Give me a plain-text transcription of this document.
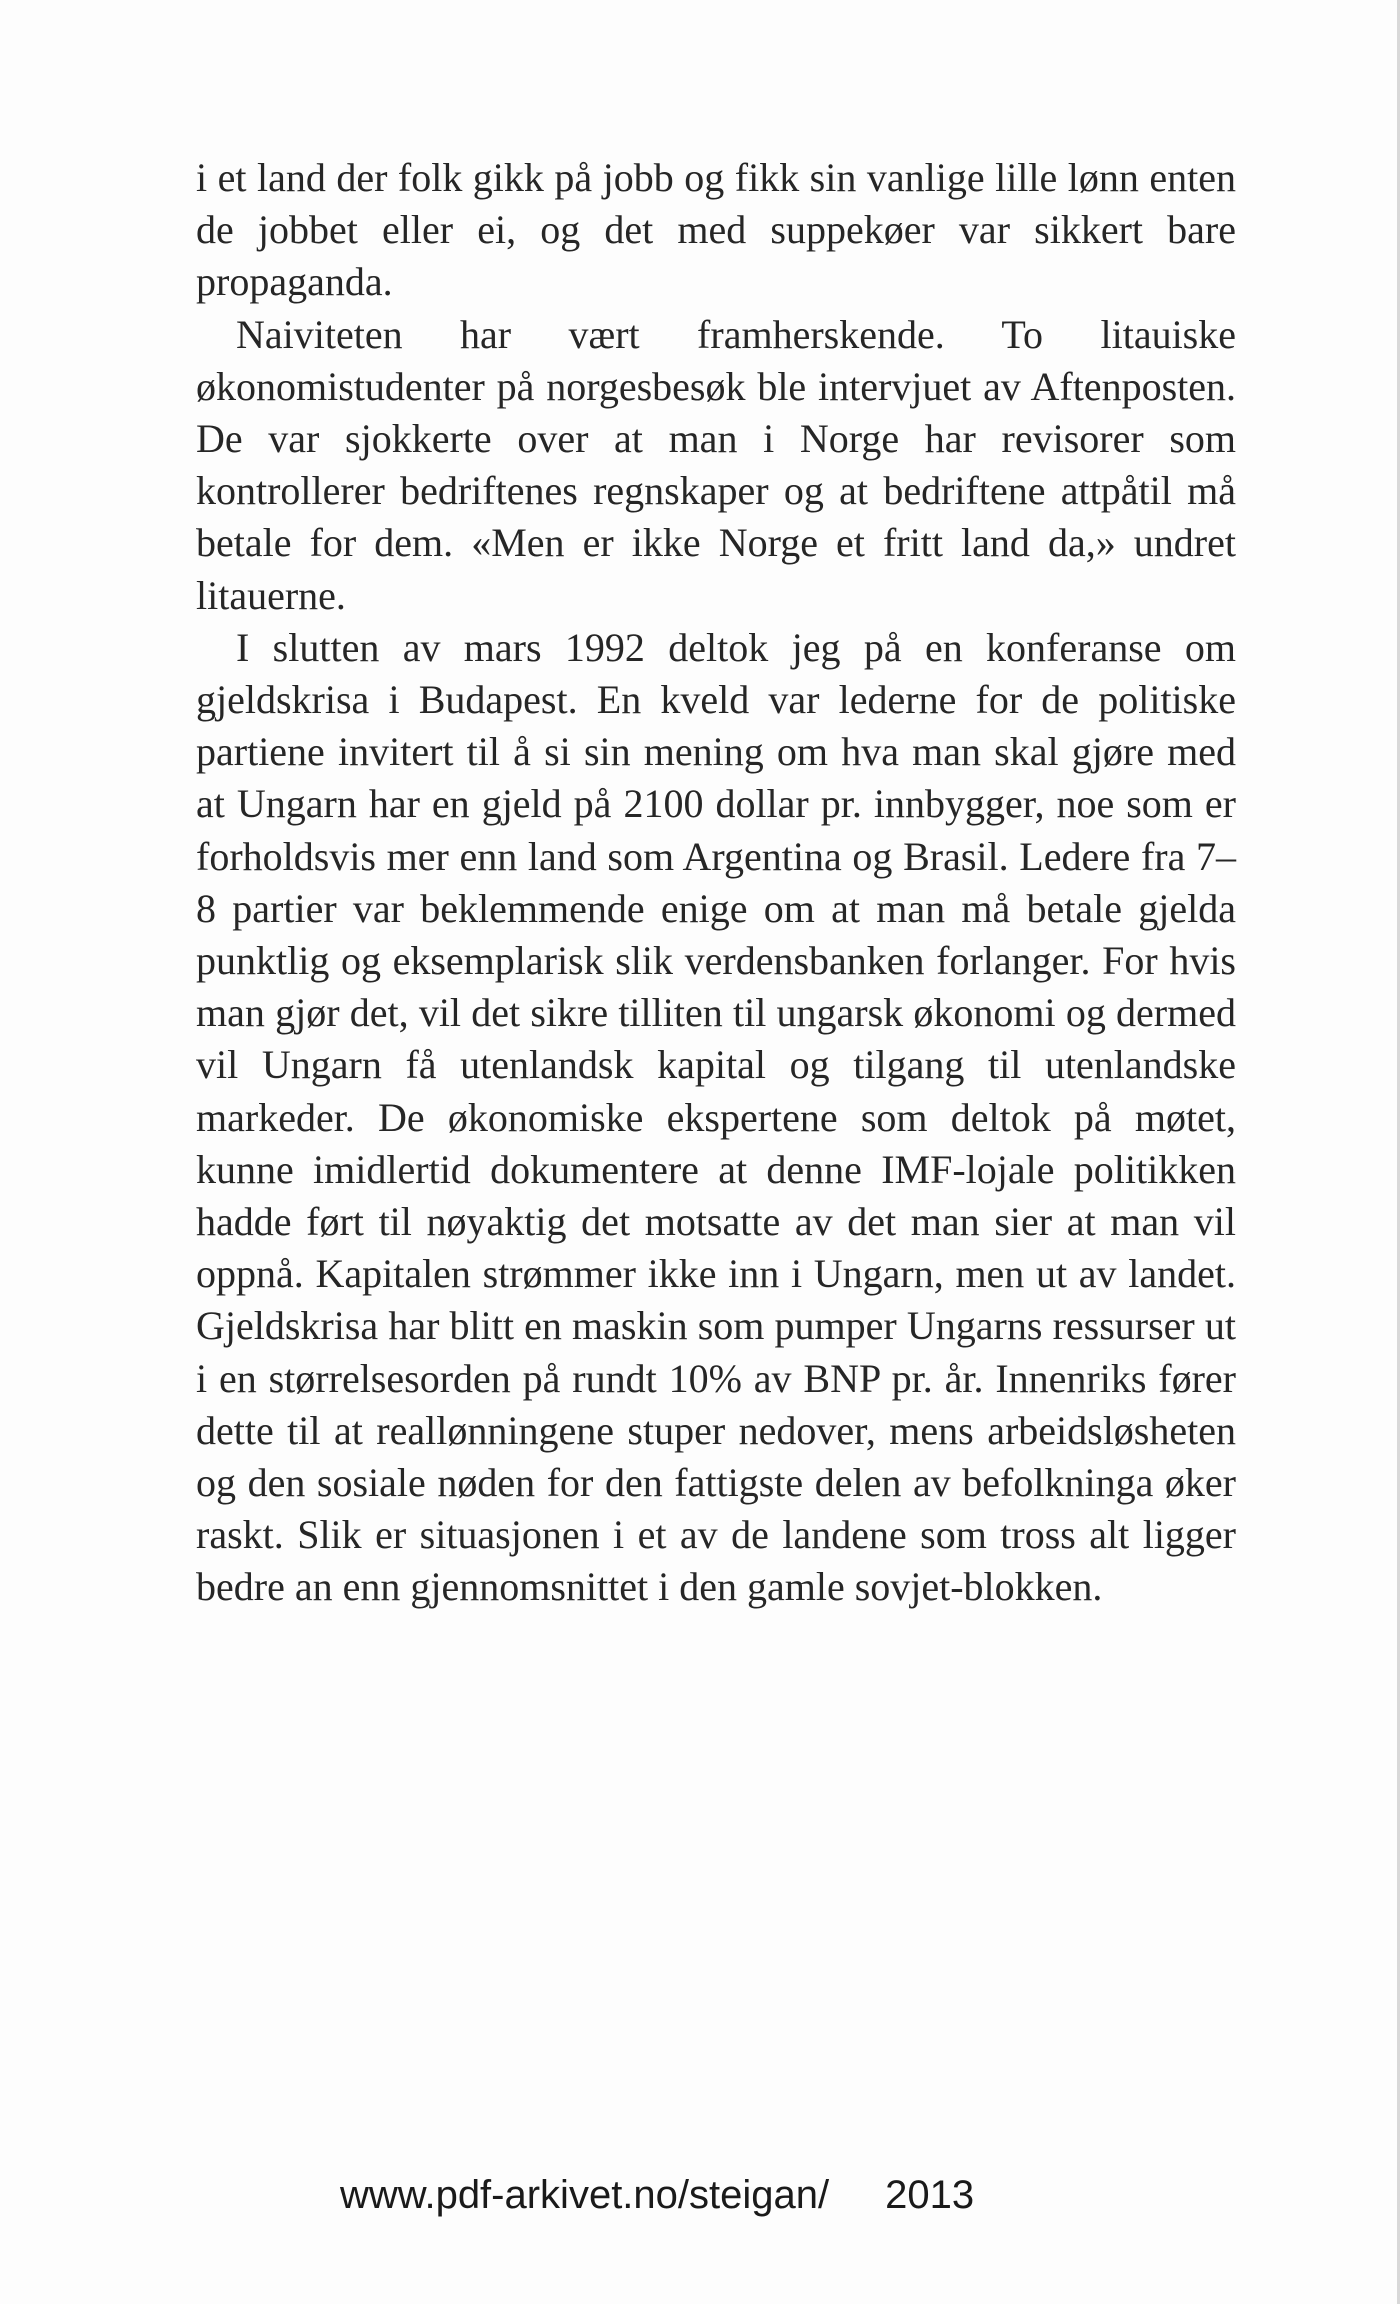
i et land der folk gikk på jobb og fikk sin vanlige lille lønn enten de jobbet eller ei, og det med suppekøer var sikkert bare propaganda.

Naiviteten har vært framherskende. To litauiske økonomistudenter på norgesbesøk ble intervjuet av Aftenposten. De var sjokkerte over at man i Norge har revisorer som kontrollerer bedriftenes regnskaper og at bedriftene attpåtil må betale for dem. «Men er ikke Norge et fritt land da,» undret litauerne.

I slutten av mars 1992 deltok jeg på en konferanse om gjeldskrisa i Budapest. En kveld var lederne for de politiske partiene invitert til å si sin mening om hva man skal gjøre med at Ungarn har en gjeld på 2100 dollar pr. innbygger, noe som er forholdsvis mer enn land som Argentina og Brasil. Ledere fra 7–8 partier var beklemmende enige om at man må betale gjelda punktlig og eksemplarisk slik verdensbanken forlanger. For hvis man gjør det, vil det sikre tilliten til ungarsk økonomi og dermed vil Ungarn få utenlandsk kapital og tilgang til utenlandske markeder. De økonomiske ekspertene som deltok på møtet, kunne imidlertid dokumentere at denne IMF-lojale politikken hadde ført til nøyaktig det motsatte av det man sier at man vil oppnå. Kapitalen strømmer ikke inn i Ungarn, men ut av landet. Gjeldskrisa har blitt en maskin som pumper Ungarns ressurser ut i en størrelsesorden på rundt 10% av BNP pr. år. Innenriks fører dette til at reallønningene stuper nedover, mens arbeidsløsheten og den sosiale nøden for den fattigste delen av befolkninga øker raskt. Slik er situasjonen i et av de landene som tross alt ligger bedre an enn gjennomsnittet i den gamle sovjet-blokken.

www.pdf-arkivet.no/steigan/ 2013
